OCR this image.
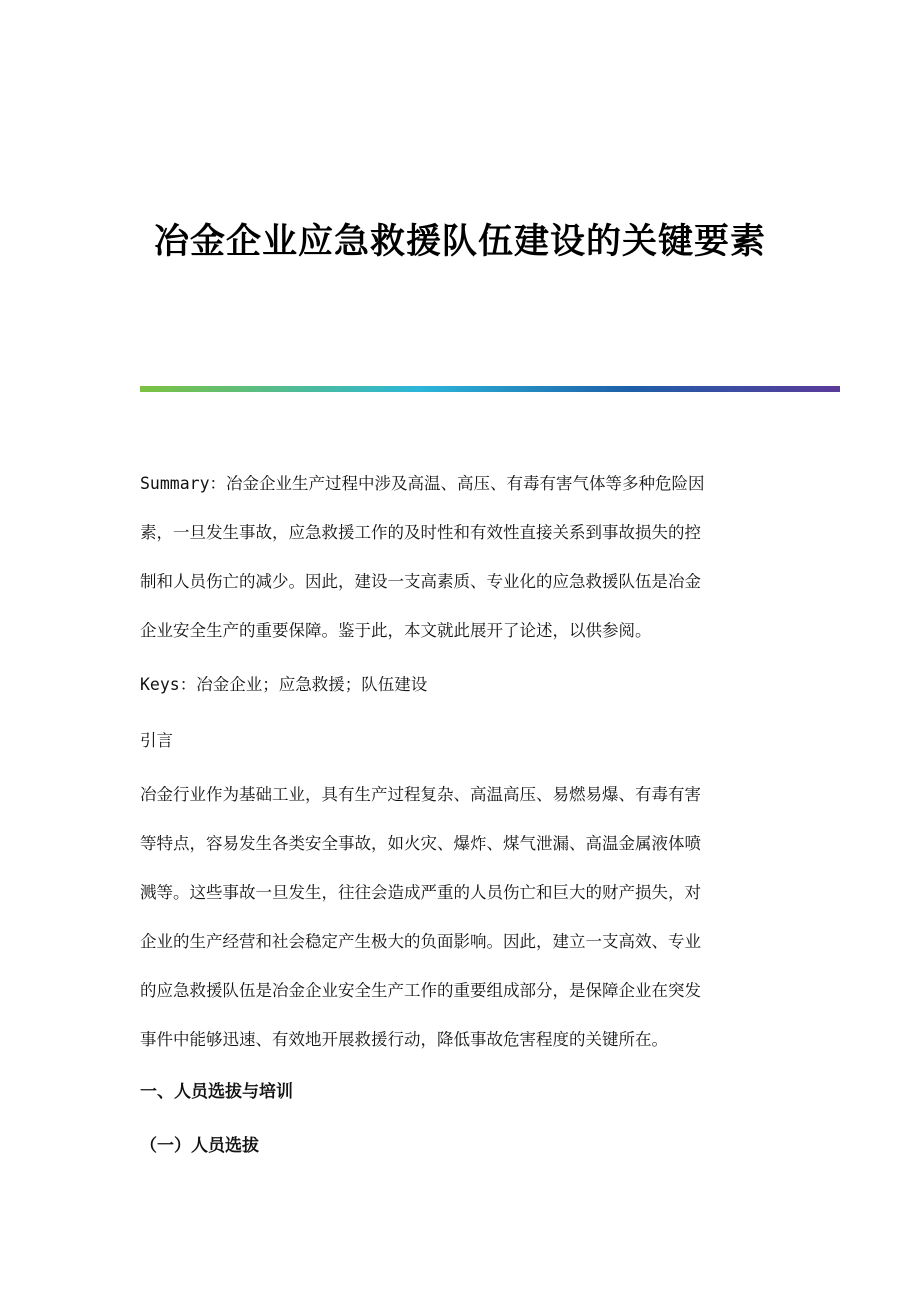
冶金企业应急救援队伍建设的关键要素

Summary：冶金企业生产过程中涉及高温、高压、有毒有害气体等多种危险因
素，一旦发生事故，应急救援工作的及时性和有效性直接关系到事故损失的控
制和人员伤亡的减少。因此，建设一支高素质、专业化的应急救援队伍是冶金
企业安全生产的重要保障。鉴于此，本文就此展开了论述，以供参阅。

Keys：冶金企业；应急救援；队伍建设

引言

冶金行业作为基础工业，具有生产过程复杂、高温高压、易燃易爆、有毒有害
等特点，容易发生各类安全事故，如火灾、爆炸、煤气泄漏、高温金属液体喷
溅等。这些事故一旦发生，往往会造成严重的人员伤亡和巨大的财产损失，对
企业的生产经营和社会稳定产生极大的负面影响。因此，建立一支高效、专业
的应急救援队伍是冶金企业安全生产工作的重要组成部分，是保障企业在突发
事件中能够迅速、有效地开展救援行动，降低事故危害程度的关键所在。

一、人员选拔与培训

（一）人员选拔
